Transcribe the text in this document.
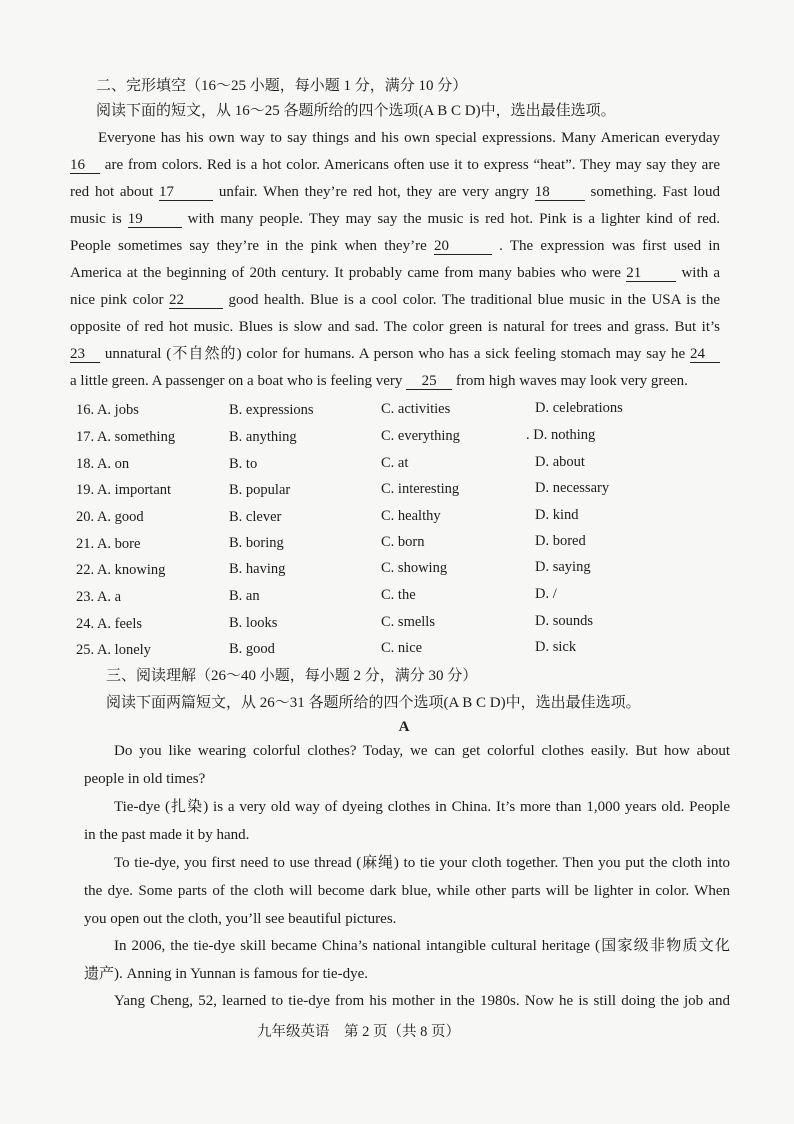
二、完形填空（16～25 小题，每小题 1 分，满分 10 分）
阅读下面的短文，从 16～25 各题所给的四个选项(A B C D)中，选出最佳选项。
Everyone has his own way to say things and his own special expressions. Many American everyday
16 are from colors. Red is a hot color. Americans often use it to express “heat”. They may say they are
red hot about 17	unfair. When they’re red hot, they are very angry 18	something. Fast loud
music is 19	with many people. They may say the music is red hot. Pink is a lighter kind of red.
People sometimes say they’re in the pink when they’re 20	. The expression was first used in
America at the beginning of 20th century. It probably came from many babies who were 21	with a
nice pink color 22	good health. Blue is a cool color. The traditional blue music in the USA is the
opposite of red hot music. Blues is slow and sad. The color green is natural for trees and grass. But it’s
23 unnatural (不自然的) color for humans. A person who has a sick feeling stomach may say he 24
a little green. A passenger on a boat who is feeling very 25 from high waves may look very green.
16. A. jobs	B. expressions	C. activities	D. celebrations
17. A. something	B. anything	C. everything	. D. nothing
18. A. on	B. to	C. at	D. about
19. A. important	B. popular	C. interesting	D. necessary
20. A. good	B. clever	C. healthy	D. kind
21. A. bore	B. boring	C. born	D. bored
22. A. knowing	B. having	C. showing	D. saying
23. A. a	B. an	C. the	D. /
24. A. feels	B. looks	C. smells	D. sounds
25. A. lonely	B. good	C. nice	D. sick
三、阅读理解（26～40 小题，每小题 2 分，满分 30 分）
阅读下面两篇短文，从 26～31 各题所给的四个选项(A B C D)中，选出最佳选项。
A
Do you like wearing colorful clothes? Today, we can get colorful clothes easily. But how about
people in old times?
Tie-dye (扎染) is a very old way of dyeing clothes in China. It’s more than 1,000 years old. People
in the past made it by hand.
To tie-dye, you first need to use thread (麻绳) to tie your cloth together. Then you put the cloth into
the dye. Some parts of the cloth will become dark blue, while other parts will be lighter in color. When
you open out the cloth, you’ll see beautiful pictures.
In 2006, the tie-dye skill became China’s national intangible cultural heritage (国家级非物质文化
遗产). Anning in Yunnan is famous for tie-dye.
Yang Cheng, 52, learned to tie-dye from his mother in the 1980s. Now he is still doing the job and
九年级英语　第 2 页（共 8 页）
